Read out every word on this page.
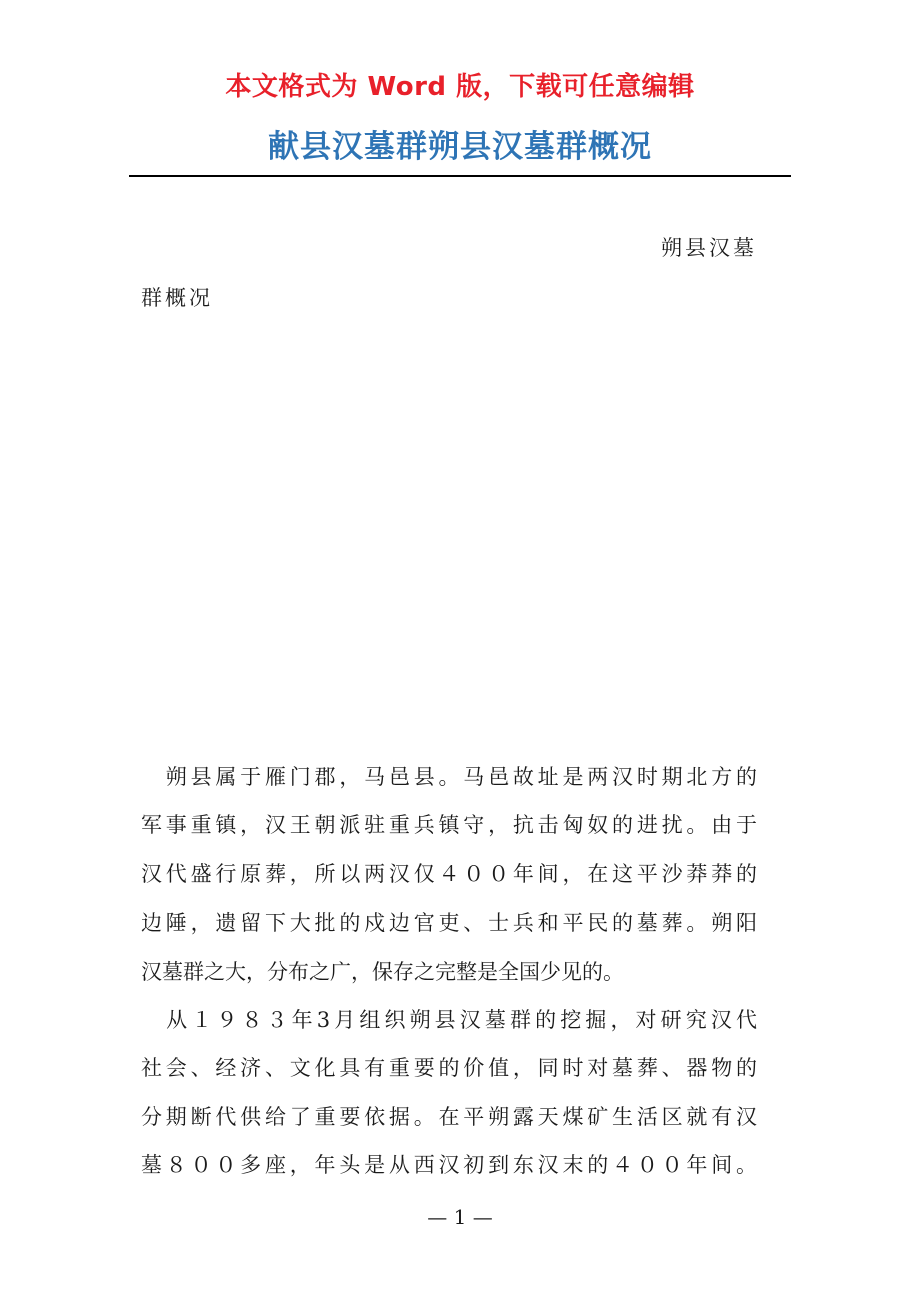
本文格式为 Word 版，下载可任意编辑
献县汉墓群朔县汉墓群概况
朔县汉墓
群概况
　朔县属于雁门郡，马邑县。马邑故址是两汉时期北方的
军事重镇，汉王朝派驻重兵镇守，抗击匈奴的进扰。由于
汉代盛行原葬，所以两汉仅４００年间，在这平沙莽莽的
边陲，遗留下大批的戍边官吏、士兵和平民的墓葬。朔阳
汉墓群之大，分布之广，保存之完整是全国少见的。
　从１９８３年3月组织朔县汉墓群的挖掘，对研究汉代
社会、经济、文化具有重要的价值，同时对墓葬、器物的
分期断代供给了重要依据。在平朔露天煤矿生活区就有汉
墓８００多座，年头是从西汉初到东汉末的４００年间。
— 1 —
